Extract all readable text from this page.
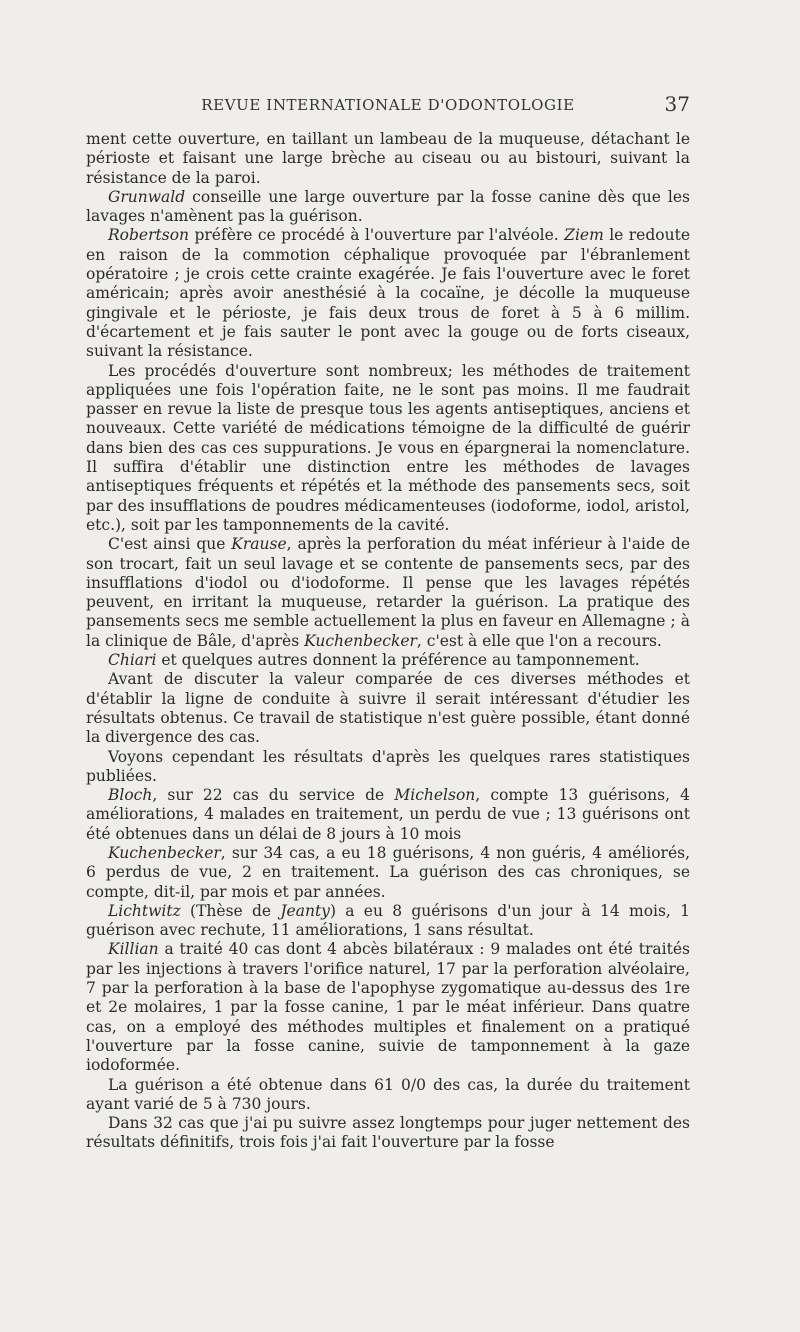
REVUE INTERNATIONALE D'ODONTOLOGIE	37

ment cette ouverture, en taillant un lambeau de la muqueuse, détachant le périoste et faisant une large brèche au ciseau ou au bistouri, suivant la résistance de la paroi.

Grunwald conseille une large ouverture par la fosse canine dès que les lavages n'amènent pas la guérison.

Robertson préfère ce procédé à l'ouverture par l'alvéole. Ziem le redoute en raison de la commotion céphalique provoquée par l'ébranlement opératoire ; je crois cette crainte exagérée. Je fais l'ouverture avec le foret américain; après avoir anesthésié à la cocaïne, je décolle la muqueuse gingivale et le périoste, je fais deux trous de foret à 5 à 6 millim. d'écartement et je fais sauter le pont avec la gouge ou de forts ciseaux, suivant la résistance.

Les procédés d'ouverture sont nombreux; les méthodes de traitement appliquées une fois l'opération faite, ne le sont pas moins. Il me faudrait passer en revue la liste de presque tous les agents antiseptiques, anciens et nouveaux. Cette variété de médications témoigne de la difficulté de guérir dans bien des cas ces suppurations. Je vous en épargnerai la nomenclature. Il suffira d'établir une distinction entre les méthodes de lavages antiseptiques fréquents et répétés et la méthode des pansements secs, soit par des insufflations de poudres médicamenteuses (iodoforme, iodol, aristol, etc.), soit par les tamponnements de la cavité.

C'est ainsi que Krause, après la perforation du méat inférieur à l'aide de son trocart, fait un seul lavage et se contente de pansements secs, par des insufflations d'iodol ou d'iodoforme. Il pense que les lavages répétés peuvent, en irritant la muqueuse, retarder la guérison. La pratique des pansements secs me semble actuellement la plus en faveur en Allemagne ; à la clinique de Bâle, d'après Kuchenbecker, c'est à elle que l'on a recours.

Chiari et quelques autres donnent la préférence au tamponnement.

Avant de discuter la valeur comparée de ces diverses méthodes et d'établir la ligne de conduite à suivre il serait intéressant d'étudier les résultats obtenus. Ce travail de statistique n'est guère possible, étant donné la divergence des cas.

Voyons cependant les résultats d'après les quelques rares statistiques publiées.

Bloch, sur 22 cas du service de Michelson, compte 13 guérisons, 4 améliorations, 4 malades en traitement, un perdu de vue ; 13 guérisons ont été obtenues dans un délai de 8 jours à 10 mois

Kuchenbecker, sur 34 cas, a eu 18 guérisons, 4 non guéris, 4 améliorés, 6 perdus de vue, 2 en traitement. La guérison des cas chroniques, se compte, dit-il, par mois et par années.

Lichtwitz (Thèse de Jeanty) a eu 8 guérisons d'un jour à 14 mois, 1 guérison avec rechute, 11 améliorations, 1 sans résultat.

Killian a traité 40 cas dont 4 abcès bilatéraux : 9 malades ont été traités par les injections à travers l'orifice naturel, 17 par la perforation alvéolaire, 7 par la perforation à la base de l'apophyse zygomatique au-dessus des 1re et 2e molaires, 1 par la fosse canine, 1 par le méat inférieur. Dans quatre cas, on a employé des méthodes multiples et finalement on a pratiqué l'ouverture par la fosse canine, suivie de tamponnement à la gaze iodoformée.

La guérison a été obtenue dans 61 0/0 des cas, la durée du traitement ayant varié de 5 à 730 jours.

Dans 32 cas que j'ai pu suivre assez longtemps pour juger nettement des résultats définitifs, trois fois j'ai fait l'ouverture par la fosse
